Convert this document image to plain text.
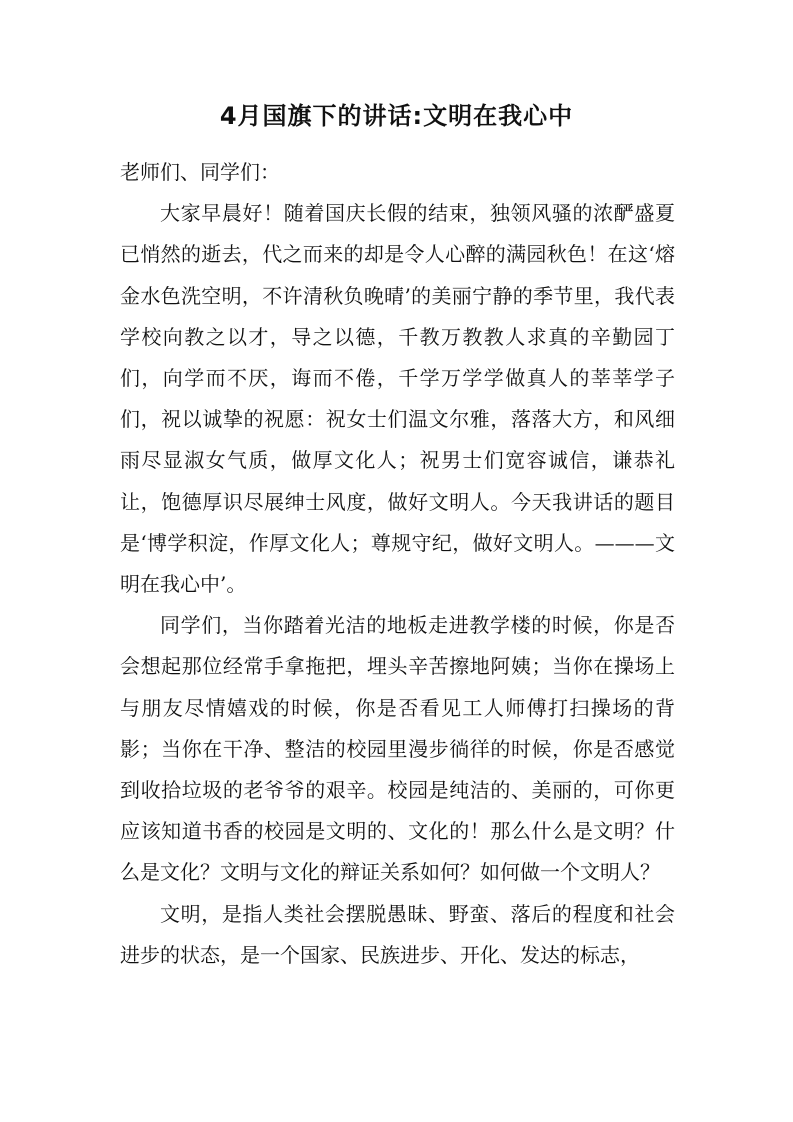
4月国旗下的讲话:文明在我心中

老师们、同学们：

大家早晨好！随着国庆长假的结束，独领风骚的浓酽盛夏已悄然的逝去，代之而来的却是令人心醉的满园秋色！在这‘熔金水色洗空明，不许清秋负晚晴’的美丽宁静的季节里，我代表学校向教之以才，导之以德，千教万教教人求真的辛勤园丁们，向学而不厌，诲而不倦，千学万学学做真人的莘莘学子们，祝以诚挚的祝愿：祝女士们温文尔雅，落落大方，和风细雨尽显淑女气质，做厚文化人；祝男士们宽容诚信，谦恭礼让，饱德厚识尽展绅士风度，做好文明人。今天我讲话的题目是‘博学积淀，作厚文化人；尊规守纪，做好文明人。———文明在我心中’。

同学们，当你踏着光洁的地板走进教学楼的时候，你是否会想起那位经常手拿拖把，埋头辛苦擦地阿姨；当你在操场上与朋友尽情嬉戏的时候，你是否看见工人师傅打扫操场的背影；当你在干净、整洁的校园里漫步徜徉的时候，你是否感觉到收拾垃圾的老爷爷的艰辛。校园是纯洁的、美丽的，可你更应该知道书香的校园是文明的、文化的！那么什么是文明？什么是文化？文明与文化的辩证关系如何？如何做一个文明人？

文明，是指人类社会摆脱愚昧、野蛮、落后的程度和社会进步的状态，是一个国家、民族进步、开化、发达的标志，
